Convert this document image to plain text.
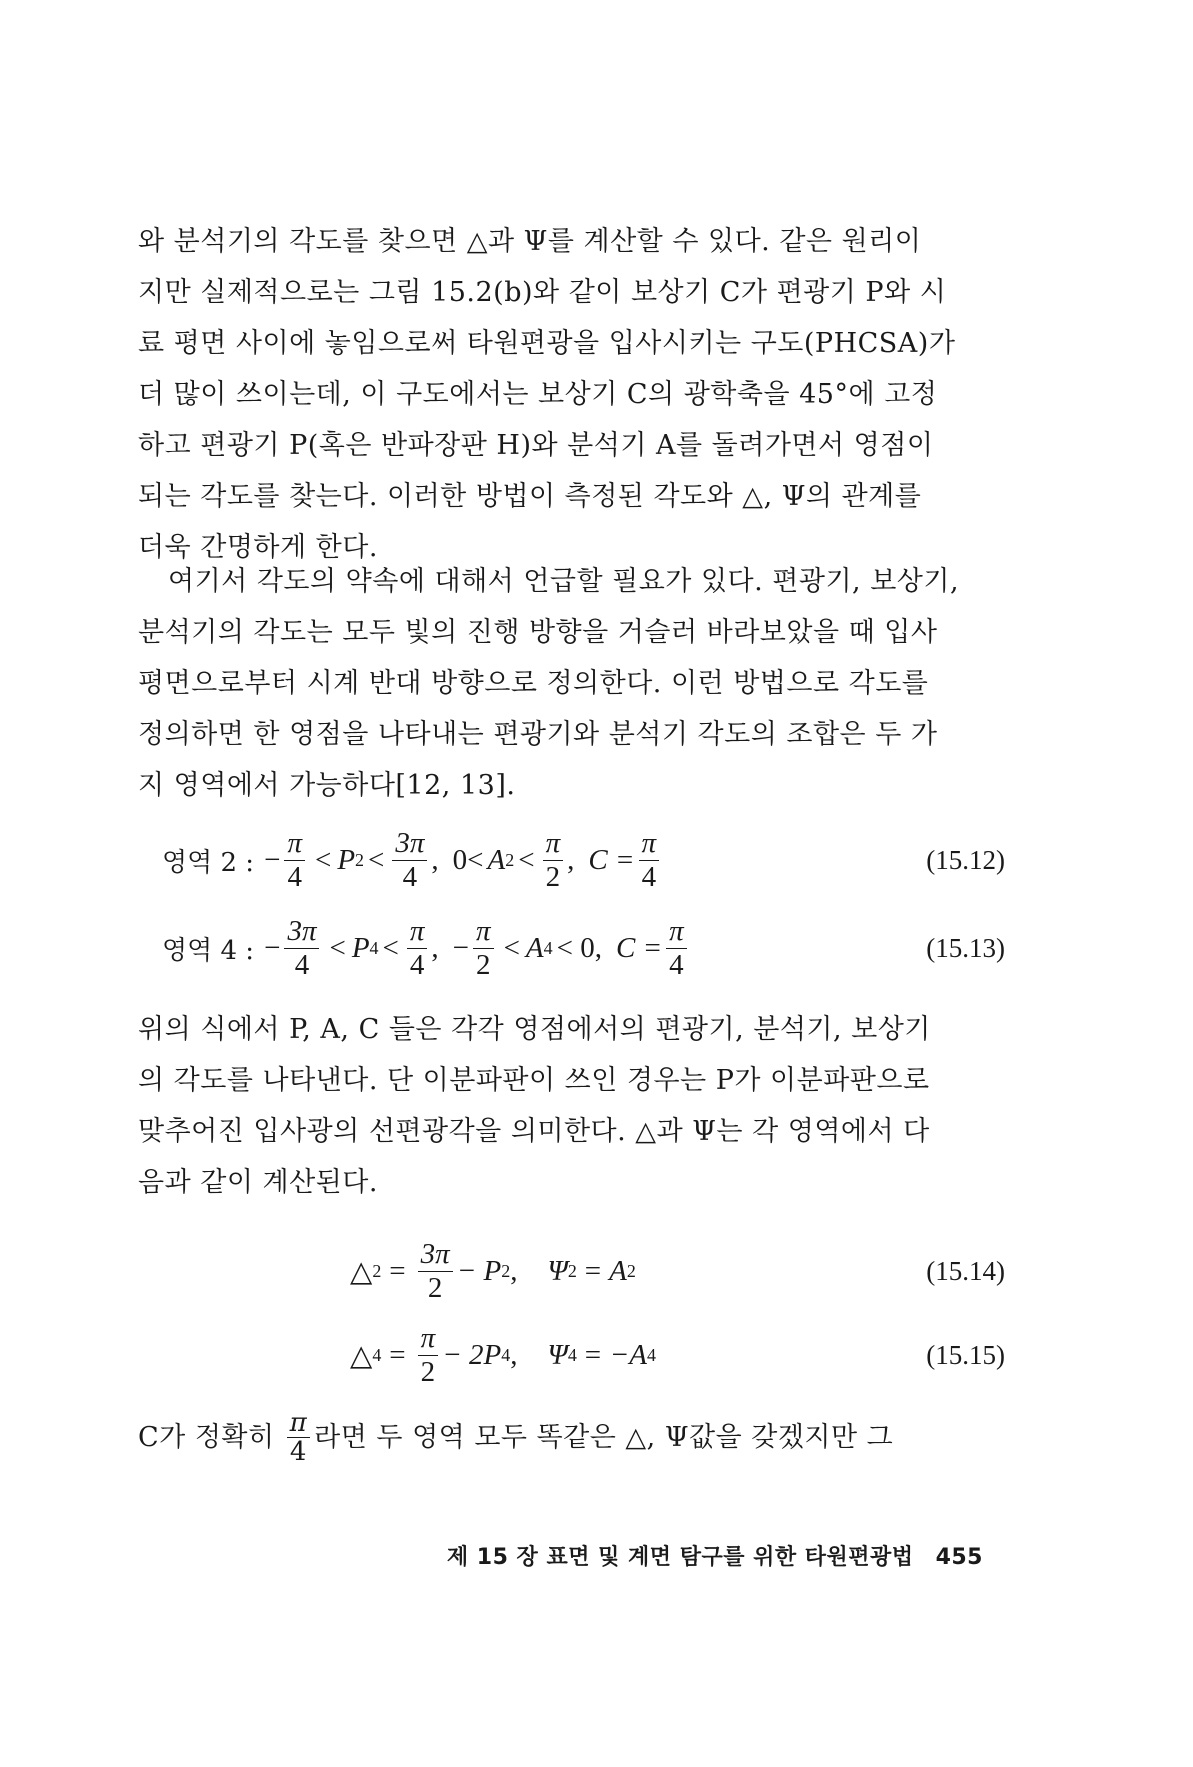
와 분석기의 각도를 찾으면 △과 Ψ를 계산할 수 있다. 같은 원리이

지만 실제적으로는 그림 15.2(b)와 같이 보상기 C가 편광기 P와 시

료 평면 사이에 놓임으로써 타원편광을 입사시키는 구도(PHCSA)가

더 많이 쓰이는데, 이 구도에서는 보상기 C의 광학축을 45°에 고정

하고 편광기 P(혹은 반파장판 H)와 분석기 A를 돌려가면서 영점이

되는 각도를 찾는다. 이러한 방법이 측정된 각도와 △, Ψ의 관계를

더욱 간명하게 한다.

여기서 각도의 약속에 대해서 언급할 필요가 있다. 편광기, 보상기,

분석기의 각도는 모두 빛의 진행 방향을 거슬러 바라보았을 때 입사

평면으로부터 시계 반대 방향으로 정의한다. 이런 방법으로 각도를

정의하면 한 영점을 나타내는 편광기와 분석기 각도의 조합은 두 가

지 영역에서 가능하다[12, 13].

영역 2 : − $\frac{\pi}{4} < P$ $2 < \frac{3\pi}{4}$ , 0< A $2 < \frac{\pi}{2}$ , $C = \frac{\pi}{4}$	(15.12)
영역 4 : − $\frac{3\pi}{4} < P$ $4 < \frac{\pi}{4}$ , − $\frac{\pi}{2} < A$ 4 < 0, $C = \frac{\pi}{4}$	(15.13)

위의 식에서 P, A, C 들은 각각 영점에서의 편광기, 분석기, 보상기

의 각도를 나타낸다. 단 이분파판이 쓰인 경우는 P가 이분파판으로

맞추어진 입사광의 선편광각을 의미한다. △과 Ψ는 각 영역에서 다

음과 같이 계산된다.

△ $2 = \frac{3\pi}{2} - P$ 2 , Ψ 2 = A 2	(15.14)
△ $4 = \frac{\pi}{2} - 2P$ 4 , Ψ 4 = −A 4	(15.15)
C가 정확히 $\frac{\pi}{4}$ 라면 두 영역 모두 똑같은 △, Ψ값을 갖겠지만 그
제 15 장 표면 및 계면 탐구를 위한 타원편광법 455
